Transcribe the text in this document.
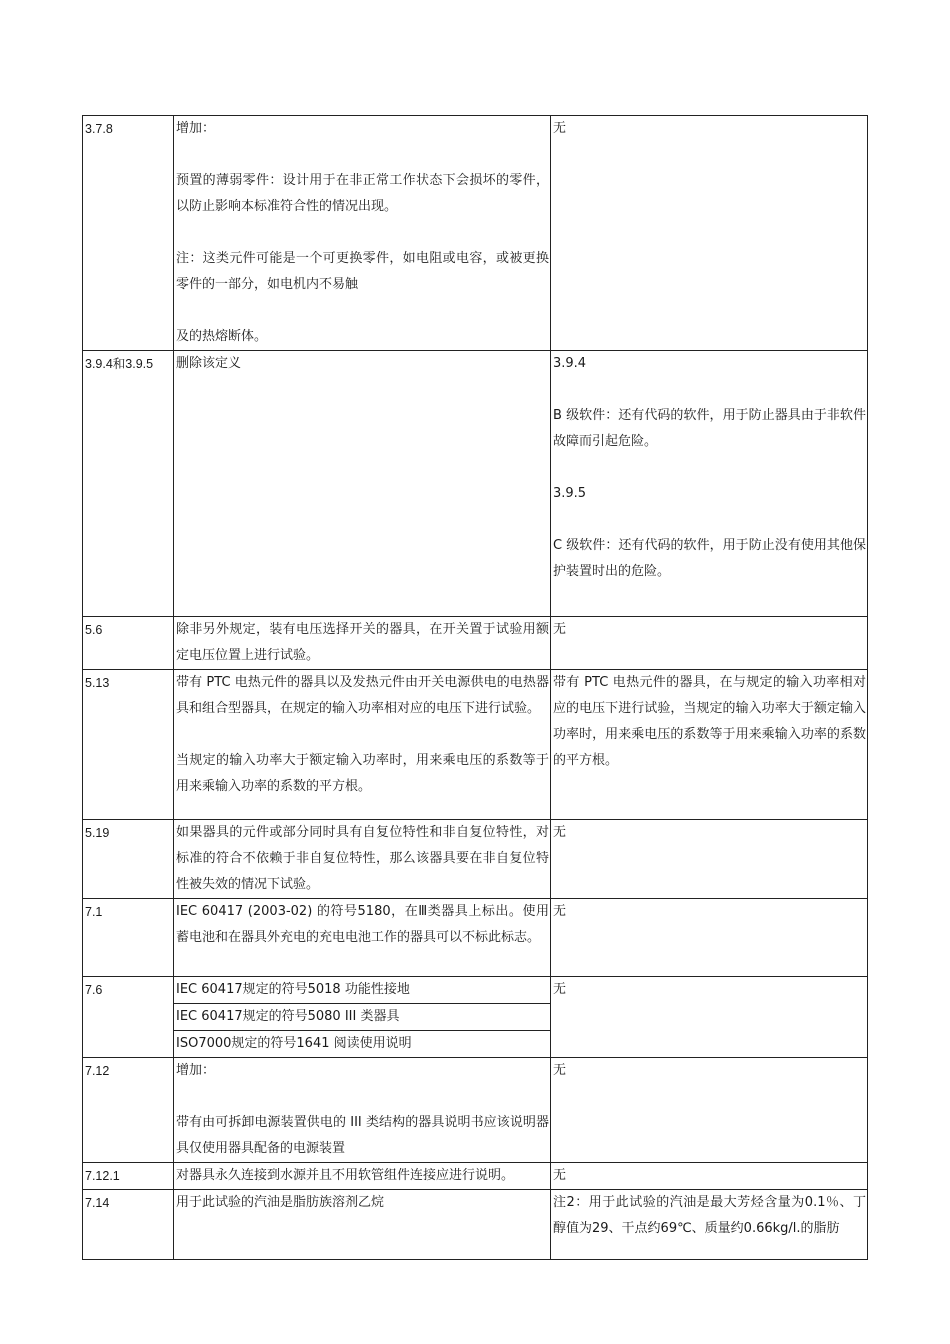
3.7.8	增加：

预置的薄弱零件：设计用于在非正常工作状态下会损坏的零件，以防止影响本标准符合性的情况出现。

注：这类元件可能是一个可更换零件，如电阻或电容，或被更换零件的一部分，如电机内不易触

及的热熔断体。	无

3.9.4和3.9.5	删除该定义	3.9.4

B 级软件：还有代码的软件，用于防止器具由于非软件故障而引起危险。

3.9.5

C 级软件：还有代码的软件，用于防止没有使用其他保护装置时出的危险。

5.6	除非另外规定，装有电压选择开关的器具，在开关置于试验用额定电压位置上进行试验。	无

5.13	带有 PTC 电热元件的器具以及发热元件由开关电源供电的电热器具和组合型器具，在规定的输入功率相对应的电压下进行试验。

当规定的输入功率大于额定输入功率时，用来乘电压的系数等于用来乘输入功率的系数的平方根。	带有 PTC 电热元件的器具，在与规定的输入功率相对应的电压下进行试验，当规定的输入功率大于额定输入功率时，用来乘电压的系数等于用来乘输入功率的系数的平方根。

5.19	如果器具的元件或部分同时具有自复位特性和非自复位特性，对标准的符合不依赖于非自复位特性，那么该器具要在非自复位特性被失效的情况下试验。	无

7.1	IEC 60417 (2003-02) 的符号5180，在Ⅲ类器具上标出。使用蓄电池和在器具外充电的充电电池工作的器具可以不标此标志。	无

7.6	IEC 60417规定的符号5018 功能性接地
IEC 60417规定的符号5080 III 类器具
ISO7000规定的符号1641 阅读使用说明	无

7.12	增加：

带有由可拆卸电源装置供电的 III 类结构的器具说明书应该说明器具仅使用器具配备的电源装置	无

7.12.1	对器具永久连接到水源并且不用软管组件连接应进行说明。	无

7.14	用于此试验的汽油是脂肪族溶剂乙烷	注2：用于此试验的汽油是最大芳烃含量为0.1％、丁醇值为29、干点约69℃、质量约0.66kg/l.的脂肪
